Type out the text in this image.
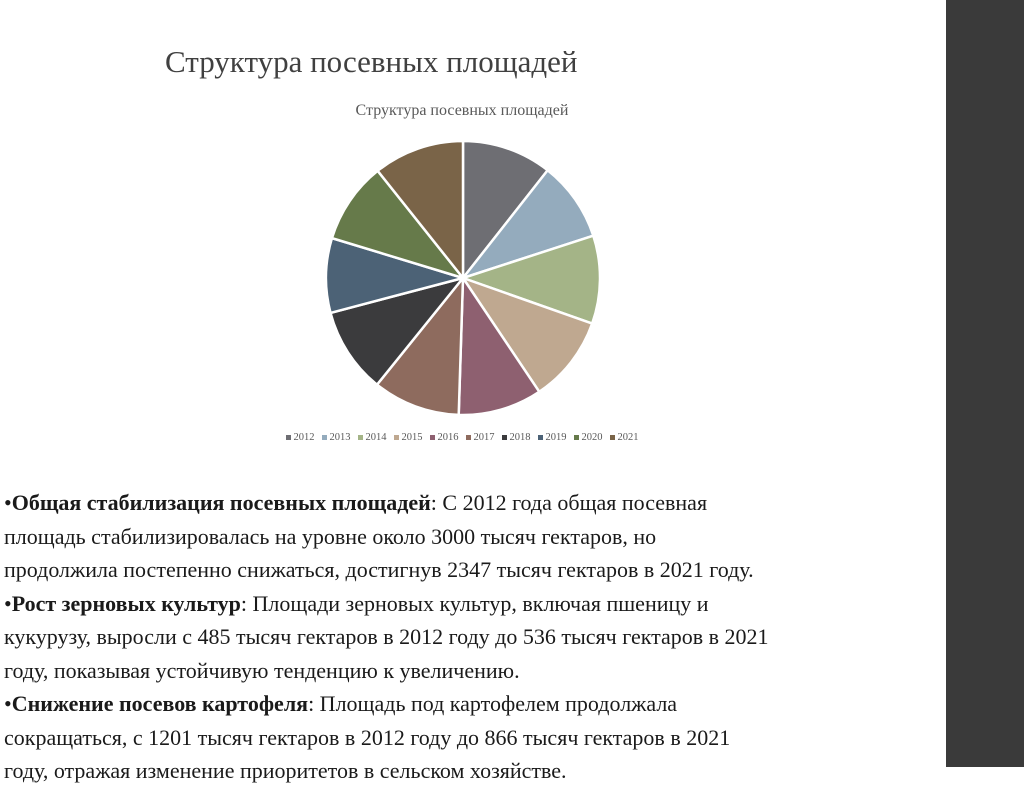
Структура посевных площадей
Структура посевных площадей
2012 2013 2014 2015 2016 2017 2018 2019 2020 2021

•Общая стабилизация посевных площадей: С 2012 года общая посевная
площадь стабилизировалась на уровне около 3000 тысяч гектаров, но
продолжила постепенно снижаться, достигнув 2347 тысяч гектаров в 2021 году.

•Рост зерновых культур: Площади зерновых культур, включая пшеницу и
кукурузу, выросли с 485 тысяч гектаров в 2012 году до 536 тысяч гектаров в 2021
году, показывая устойчивую тенденцию к увеличению.

•Снижение посевов картофеля: Площадь под картофелем продолжала
сокращаться, с 1201 тысяч гектаров в 2012 году до 866 тысяч гектаров в 2021
году, отражая изменение приоритетов в сельском хозяйстве.
